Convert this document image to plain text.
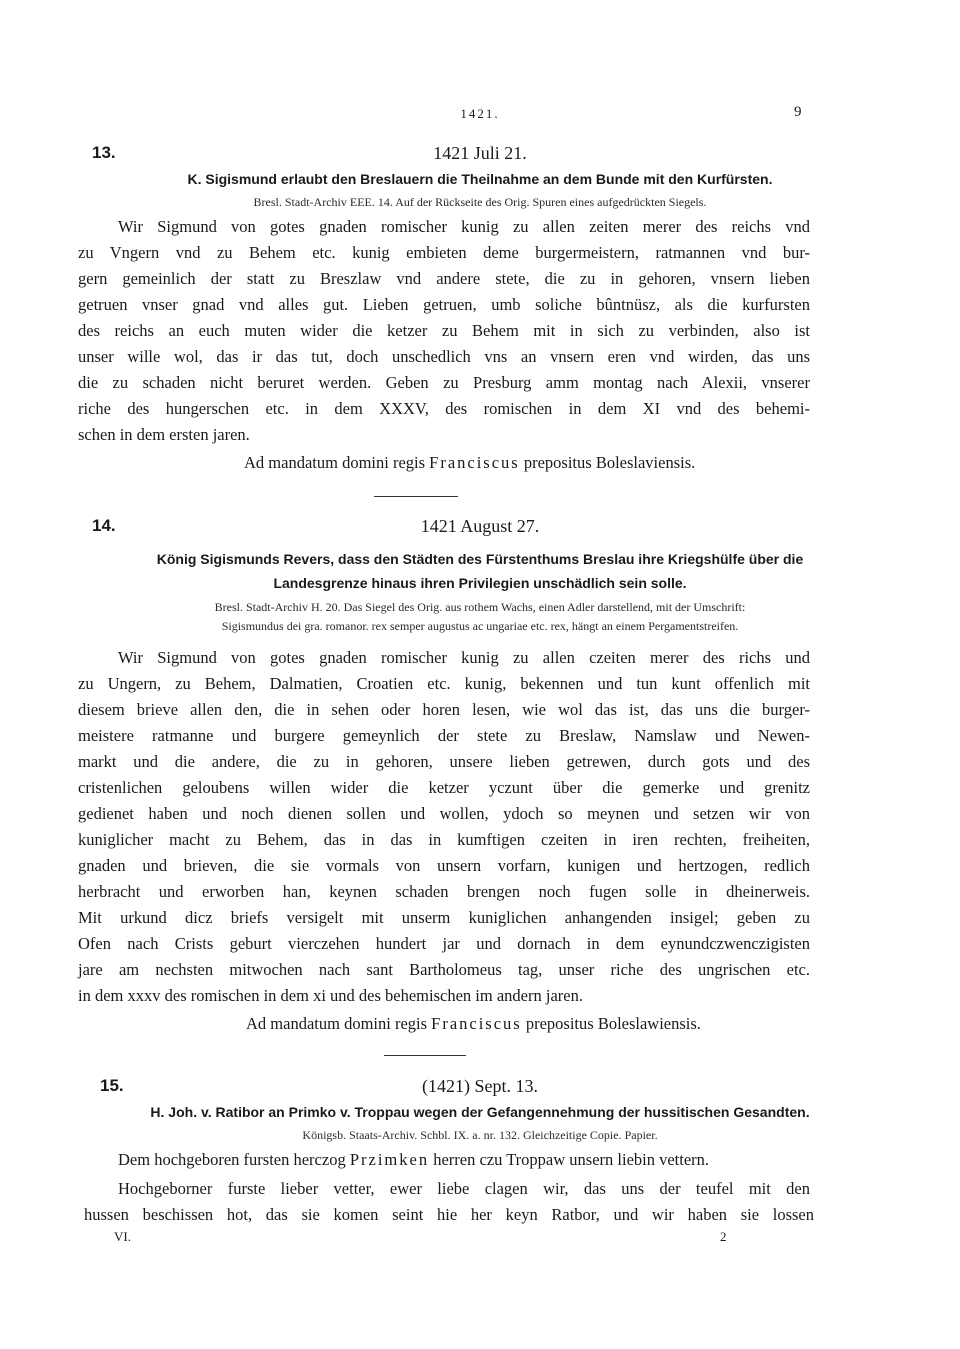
1421.	9
13.	1421 Juli 21.
K. Sigismund erlaubt den Breslauern die Theilnahme an dem Bunde mit den Kurfürsten.
Bresl. Stadt-Archiv EEE. 14. Auf der Rückseite des Orig. Spuren eines aufgedrückten Siegels.
Wir Sigmund von gotes gnaden romischer kunig zu allen zeiten merer des reichs vnd
zu Vngern vnd zu Behem etc. kunig embieten deme burgermeistern, ratmannen vnd bur-
gern gemeinlich der statt zu Breszlaw vnd andere stete, die zu in gehoren, vnsern lieben
getruen vnser gnad vnd alles gut. Lieben getruen, umb soliche bûntnüsz, als die kurfursten
des reichs an euch muten wider die ketzer zu Behem mit in sich zu verbinden, also ist
unser wille wol, das ir das tut, doch unschedlich vns an vnsern eren vnd wirden, das uns
die zu schaden nicht beruret werden. Geben zu Presburg amm montag nach Alexii, vnserer
riche des hungerschen etc. in dem XXXV, des romischen in dem XI vnd des behemi-
schen in dem ersten jaren.
Ad mandatum domini regis Franciscus prepositus Boleslaviensis.
14.	1421 August 27.
König Sigismunds Revers, dass den Städten des Fürstenthums Breslau ihre Kriegshülfe über die
Landesgrenze hinaus ihren Privilegien unschädlich sein solle.
Bresl. Stadt-Archiv H. 20. Das Siegel des Orig. aus rothem Wachs, einen Adler darstellend, mit der Umschrift:
Sigismundus dei gra. romanor. rex semper augustus ac ungariae etc. rex, hängt an einem Pergamentstreifen.
Wir Sigmund von gotes gnaden romischer kunig zu allen czeiten merer des richs und
zu Ungern, zu Behem, Dalmatien, Croatien etc. kunig, bekennen und tun kunt offenlich mit
diesem brieve allen den, die in sehen oder horen lesen, wie wol das ist, das uns die burger-
meistere ratmanne und burgere gemeynlich der stete zu Breslaw, Namslaw und Newen-
markt und die andere, die zu in gehoren, unsere lieben getrewen, durch gots und des
cristenlichen geloubens willen wider die ketzer yczunt über die gemerke und grenitz
gedienet haben und noch dienen sollen und wollen, ydoch so meynen und setzen wir von
kuniglicher macht zu Behem, das in das in kumftigen czeiten in iren rechten, freiheiten,
gnaden und brieven, die sie vormals von unsern vorfarn, kunigen und hertzogen, redlich
herbracht und erworben han, keynen schaden brengen noch fugen solle in dheinerweis.
Mit urkund dicz briefs versigelt mit unserm kuniglichen anhangenden insigel; geben zu
Ofen nach Crists geburt vierczehen hundert jar und dornach in dem eynundczwenczigisten
jare am nechsten mitwochen nach sant Bartholomeus tag, unser riche des ungrischen etc.
in dem xxxv des romischen in dem xi und des behemischen im andern jaren.
Ad mandatum domini regis Franciscus prepositus Boleslawiensis.
15.	(1421) Sept. 13.
H. Joh. v. Ratibor an Primko v. Troppau wegen der Gefangennehmung der hussitischen Gesandten.
Königsb. Staats-Archiv. Schbl. IX. a. nr. 132. Gleichzeitige Copie. Papier.
Dem hochgeboren fursten herczog Przimken herren czu Troppaw unsern liebin vettern.
Hochgeborner furste lieber vetter, ewer liebe clagen wir, das uns der teufel mit den
hussen beschissen hot, das sie komen seint hie her keyn Ratbor, und wir haben sie lossen
VI.	2
